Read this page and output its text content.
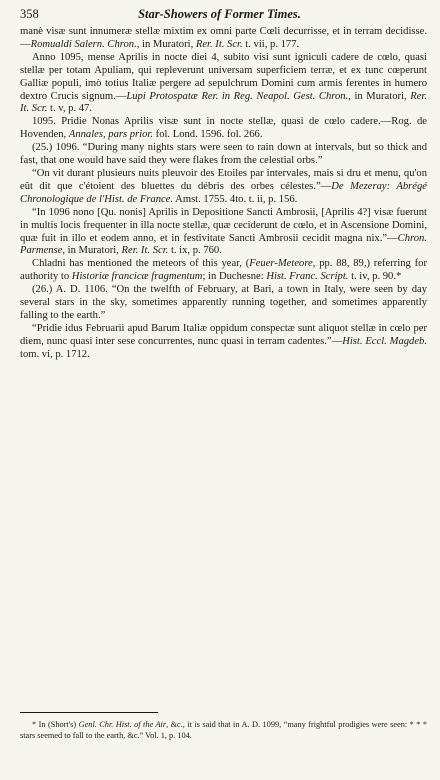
358	Star-Showers of Former Times.

manè visæ sunt innumeræ stellæ mixtim ex omni parte Cœli decurrisse, et in terram decidisse.—Romualdi Salern. Chron., in Muratori, Rer. It. Scr. t. vii, p. 177.

Anno 1095, mense Aprilis in nocte diei 4, subito visi sunt igniculi cadere de cœlo, quasi stellæ per totam Apuliam, qui repleverunt universam superficiem terræ, et ex tunc cœperunt Galliæ populi, imò totius Italiæ pergere ad sepulchrum Domini cum armis ferentes in humero dextro Crucis signum.—Lupi Protospatæ Rer. in Reg. Neapol. Gest. Chron., in Muratori, Rer. It. Scr. t. v, p. 47.

1095. Pridie Nonas Aprilis visæ sunt in nocte stellæ, quasi de cœlo cadere.—Rog. de Hovenden, Annales, pars prior. fol. Lond. 1596. fol. 266.

(25.) 1096. “During many nights stars were seen to rain down at intervals, but so thick and fast, that one would have said they were flakes from the celestial orbs.”

“On vit durant plusieurs nuits pleuvoir des Etoiles par intervales, mais si dru et menu, qu'on eût dit que c'étoient des bluettes du débris des orbes célestes.”—De Mezeray: Abrégé Chronologique de l'Hist. de France. Amst. 1755. 4to. t. ii, p. 156.

“In 1096 nono [Qu. nonis] Aprilis in Depositione Sancti Ambrosii, [Aprilis 4?] visæ fuerunt in multis locis frequenter in illa nocte stellæ, quæ ceciderunt de cœlo, et in Ascensione Domini, quæ fuit in illo et eodem anno, et in festivitate Sancti Ambrosii cecidit magna nix.”—Chron. Parmense, in Muratori, Rer. It. Scr. t. ix, p. 760.

Chladni has mentioned the meteors of this year, (Feuer-Meteore, pp. 88, 89,) referring for authority to Historiæ francicæ fragmentum; in Duchesne: Hist. Franc. Script. t. iv, p. 90.*

(26.) A. D. 1106. “On the twelfth of February, at Bari, a town in Italy, were seen by day several stars in the sky, sometimes apparently running together, and sometimes apparently falling to the earth.”

“Pridie idus Februarii apud Barum Italiæ oppidum conspectæ sunt aliquot stellæ in cœlo per diem, nunc quasi inter sese concurrentes, nunc quasi in terram cadentes.”—Hist. Eccl. Magdeb. tom. vi, p. 1712.

* In (Short's) Genl. Chr. Hist. of the Air, &c., it is said that in A. D. 1099, “many frightful prodigies were seen: * * * stars seemed to fall to the earth, &c.” Vol. 1, p. 104.
